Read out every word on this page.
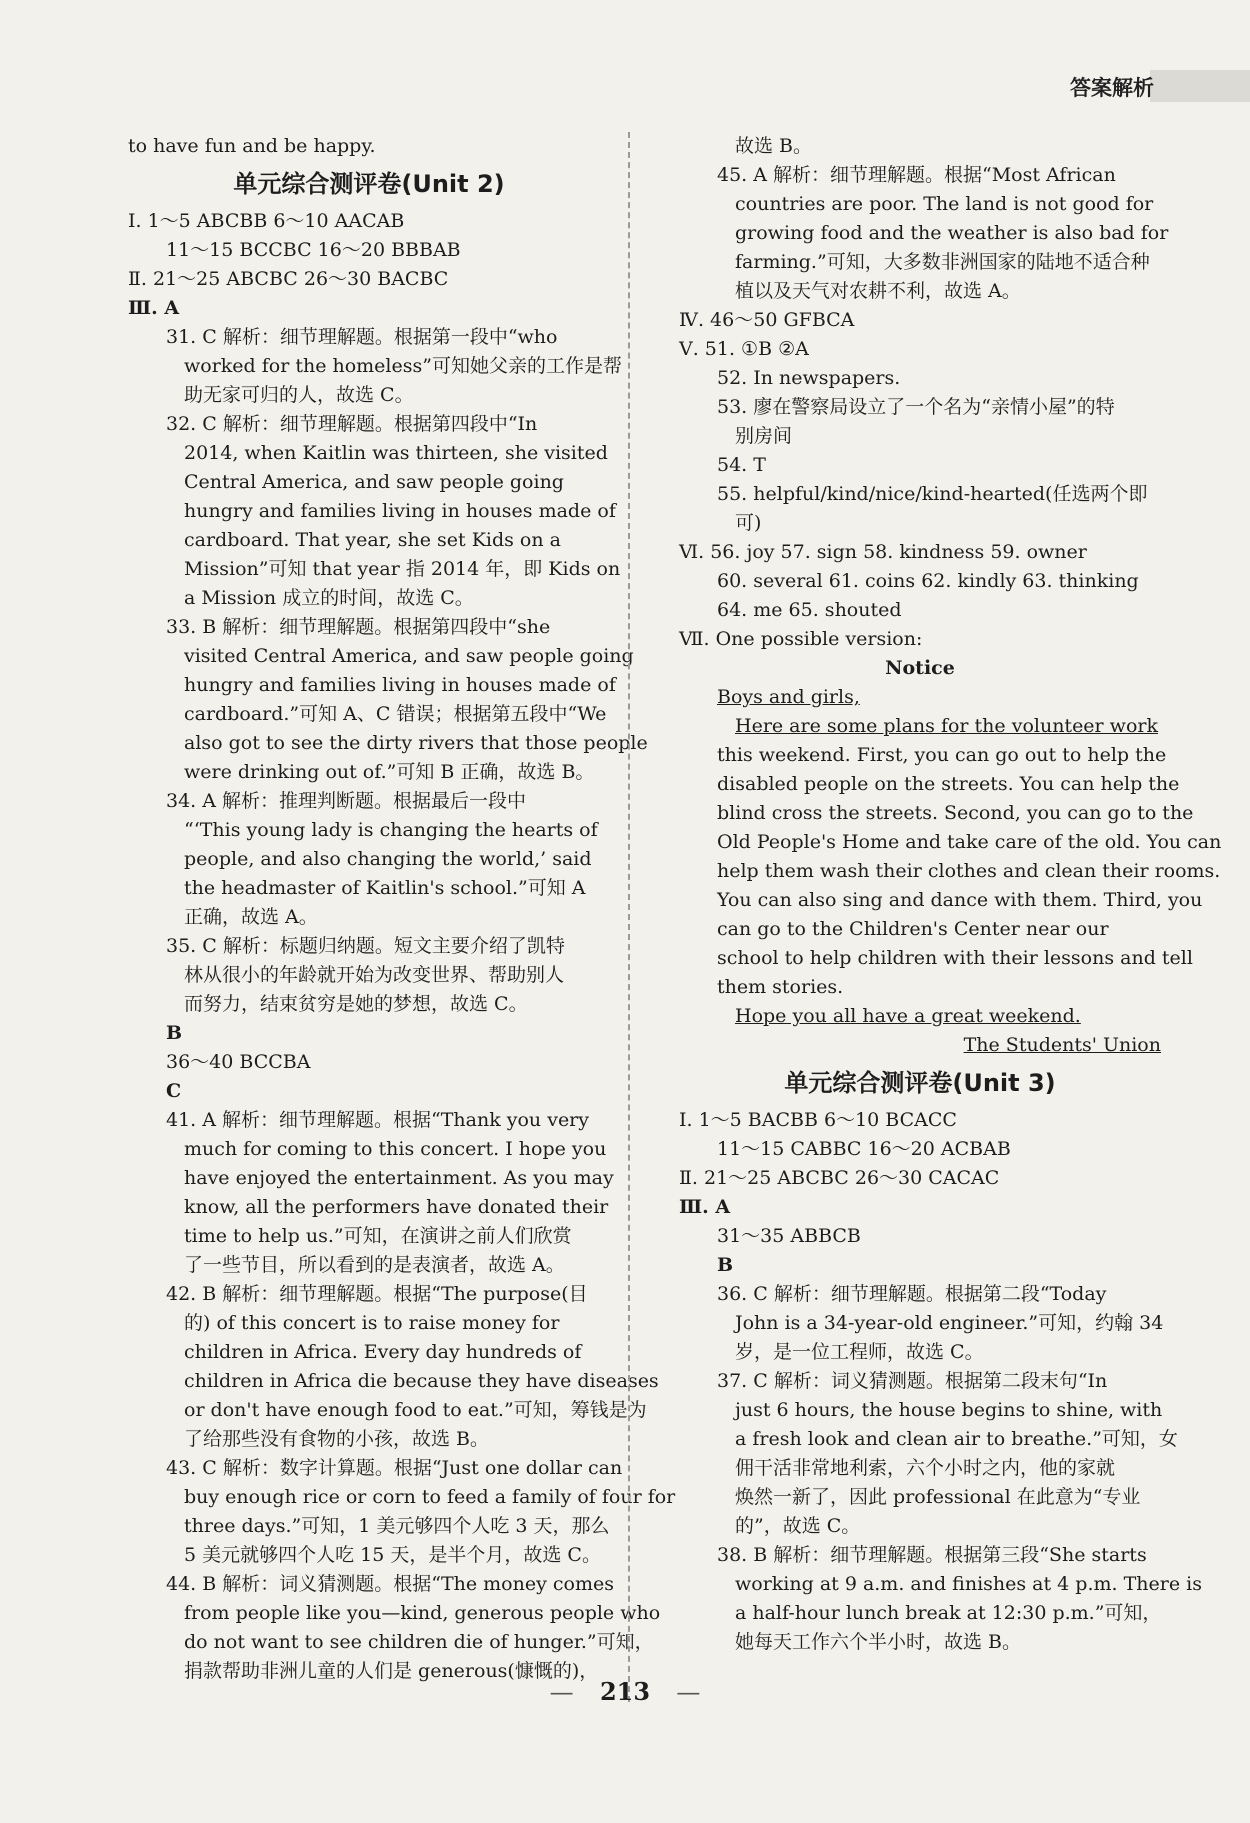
答案解析
to have fun and be happy.
单元综合测评卷(Unit 2)
Ⅰ. 1～5 ABCBB 6～10 AACAB
11～15 BCCBC 16～20 BBBAB
Ⅱ. 21～25 ABCBC 26～30 BACBC
Ⅲ. A
31. C 解析：细节理解题。根据第一段中“who
worked for the homeless”可知她父亲的工作是帮
助无家可归的人，故选 C。
32. C 解析：细节理解题。根据第四段中“In
2014, when Kaitlin was thirteen, she visited
Central America, and saw people going
hungry and families living in houses made of
cardboard. That year, she set Kids on a
Mission”可知 that year 指 2014 年，即 Kids on
a Mission 成立的时间，故选 C。
33. B 解析：细节理解题。根据第四段中“she
visited Central America, and saw people going
hungry and families living in houses made of
cardboard.”可知 A、C 错误；根据第五段中“We
also got to see the dirty rivers that those people
were drinking out of.”可知 B 正确，故选 B。
34. A 解析：推理判断题。根据最后一段中
“‘This young lady is changing the hearts of
people, and also changing the world,’ said
the headmaster of Kaitlin's school.”可知 A
正确，故选 A。
35. C 解析：标题归纳题。短文主要介绍了凯特
林从很小的年龄就开始为改变世界、帮助别人
而努力，结束贫穷是她的梦想，故选 C。
B
36～40 BCCBA
C
41. A 解析：细节理解题。根据“Thank you very
much for coming to this concert. I hope you
have enjoyed the entertainment. As you may
know, all the performers have donated their
time to help us.”可知，在演讲之前人们欣赏
了一些节目，所以看到的是表演者，故选 A。
42. B 解析：细节理解题。根据“The purpose(目
的) of this concert is to raise money for
children in Africa. Every day hundreds of
children in Africa die because they have diseases
or don't have enough food to eat.”可知，筹钱是为
了给那些没有食物的小孩，故选 B。
43. C 解析：数字计算题。根据“Just one dollar can
buy enough rice or corn to feed a family of four for
three days.”可知，1 美元够四个人吃 3 天，那么
5 美元就够四个人吃 15 天，是半个月，故选 C。
44. B 解析：词义猜测题。根据“The money comes
from people like you—kind, generous people who
do not want to see children die of hunger.”可知，
捐款帮助非洲儿童的人们是 generous(慷慨的)，
故选 B。
45. A 解析：细节理解题。根据“Most African
countries are poor. The land is not good for
growing food and the weather is also bad for
farming.”可知，大多数非洲国家的陆地不适合种
植以及天气对农耕不利，故选 A。
Ⅳ. 46～50 GFBCA
Ⅴ. 51. ①B ②A
52. In newspapers.
53. 廖在警察局设立了一个名为“亲情小屋”的特
别房间
54. T
55. helpful/kind/nice/kind-hearted(任选两个即
可)
Ⅵ. 56. joy 57. sign 58. kindness 59. owner
60. several 61. coins 62. kindly 63. thinking
64. me 65. shouted
Ⅶ. One possible version:
Notice
Boys and girls,
Here are some plans for the volunteer work
this weekend. First, you can go out to help the
disabled people on the streets. You can help the
blind cross the streets. Second, you can go to the
Old People's Home and take care of the old. You can
help them wash their clothes and clean their rooms.
You can also sing and dance with them. Third, you
can go to the Children's Center near our
school to help children with their lessons and tell
them stories.
Hope you all have a great weekend.
The Students' Union
单元综合测评卷(Unit 3)
Ⅰ. 1～5 BACBB 6～10 BCACC
11～15 CABBC 16～20 ACBAB
Ⅱ. 21～25 ABCBC 26～30 CACAC
Ⅲ. A
31～35 ABBCB
B
36. C 解析：细节理解题。根据第二段“Today
John is a 34-year-old engineer.”可知，约翰 34
岁，是一位工程师，故选 C。
37. C 解析：词义猜测题。根据第二段末句“In
just 6 hours, the house begins to shine, with
a fresh look and clean air to breathe.”可知，女
佣干活非常地利索，六个小时之内，他的家就
焕然一新了，因此 professional 在此意为“专业
的”，故选 C。
38. B 解析：细节理解题。根据第三段“She starts
working at 9 a.m. and finishes at 4 p.m. There is
a half-hour lunch break at 12:30 p.m.”可知，
她每天工作六个半小时，故选 B。
— 213 —
